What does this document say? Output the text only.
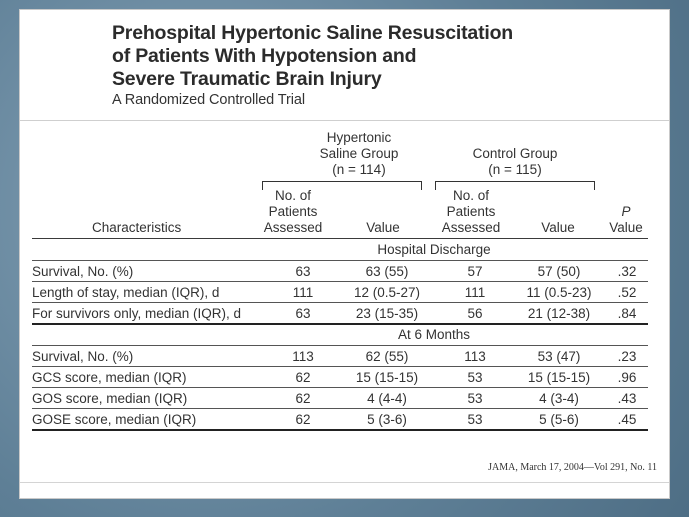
Prehospital Hypertonic Saline Resuscitation
of Patients With Hypotension and
Severe Traumatic Brain Injury
A Randomized Controlled Trial
Hypertonic
Saline Group
(n = 114)
Control Group
(n = 115)
Characteristics
No. of
Patients
Assessed	Value
No. of
Patients
Assessed	Value
P
Value
JAMA, March 17, 2004—Vol 291, No. 11
Hospital Discharge
Survival, No. (%)	63	63 (55)	57	57 (50)	.32
Length of stay, median (IQR), d	111	12 (0.5-27)	111	11 (0.5-23)	.52
For survivors only, median (IQR), d	63	23 (15-35)	56	21 (12-38)	.84
At 6 Months
Survival, No. (%)	113	62 (55)	113	53 (47)	.23
GCS score, median (IQR)	62	15 (15-15)	53	15 (15-15)	.96
GOS score, median (IQR)	62	4 (4-4)	53	4 (3-4)	.43
GOSE score, median (IQR)	62	5 (3-6)	53	5 (5-6)	.45
